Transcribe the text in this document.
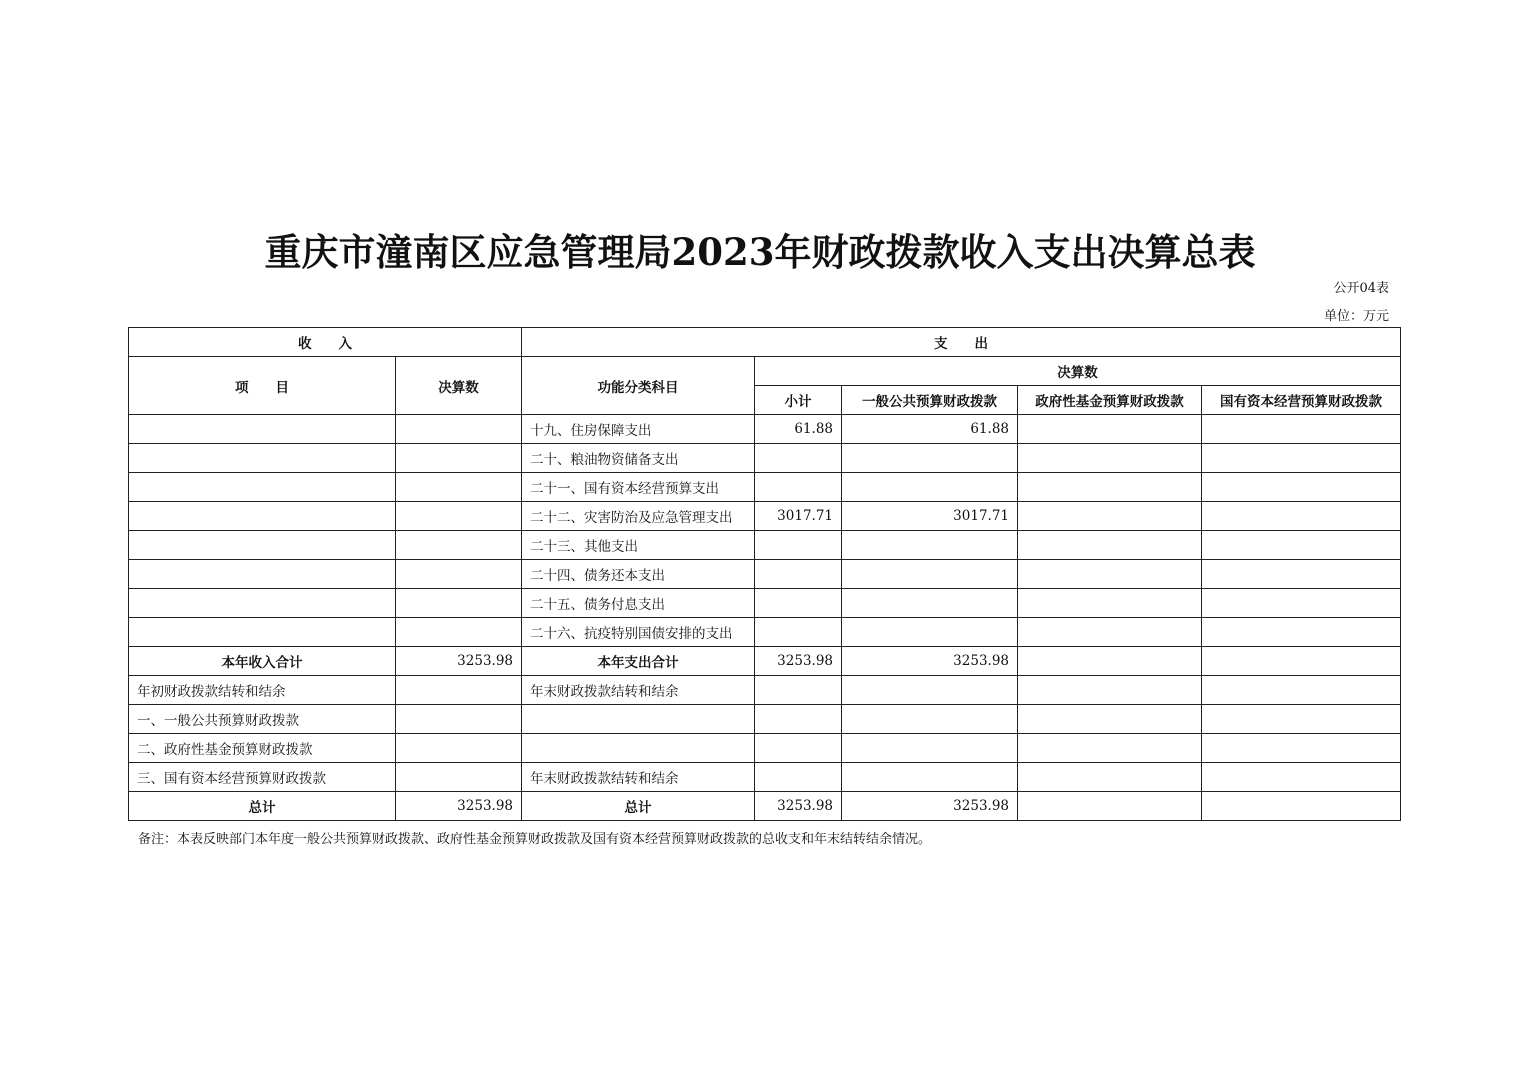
重庆市潼南区应急管理局2023年财政拨款收入支出决算总表
公开04表
单位：万元
收　　入		支　　出				
项　　目	决算数	功能分类科目	决算数			
			小计	一般公共预算财政拨款	政府性基金预算财政拨款	国有资本经营预算财政拨款
		十九、住房保障支出	61.88	61.88		
		二十、粮油物资储备支出				
		二十一、国有资本经营预算支出				
		二十二、灾害防治及应急管理支出	3017.71	3017.71		
		二十三、其他支出				
		二十四、债务还本支出				
		二十五、债务付息支出				
		二十六、抗疫特别国债安排的支出				
本年收入合计	3253.98	本年支出合计	3253.98	3253.98		
年初财政拨款结转和结余		年末财政拨款结转和结余				
一、一般公共预算财政拨款						
二、政府性基金预算财政拨款						
三、国有资本经营预算财政拨款		年末财政拨款结转和结余				
总计	3253.98	总计	3253.98	3253.98		
备注：本表反映部门本年度一般公共预算财政拨款、政府性基金预算财政拨款及国有资本经营预算财政拨款的总收支和年末结转结余情况。
